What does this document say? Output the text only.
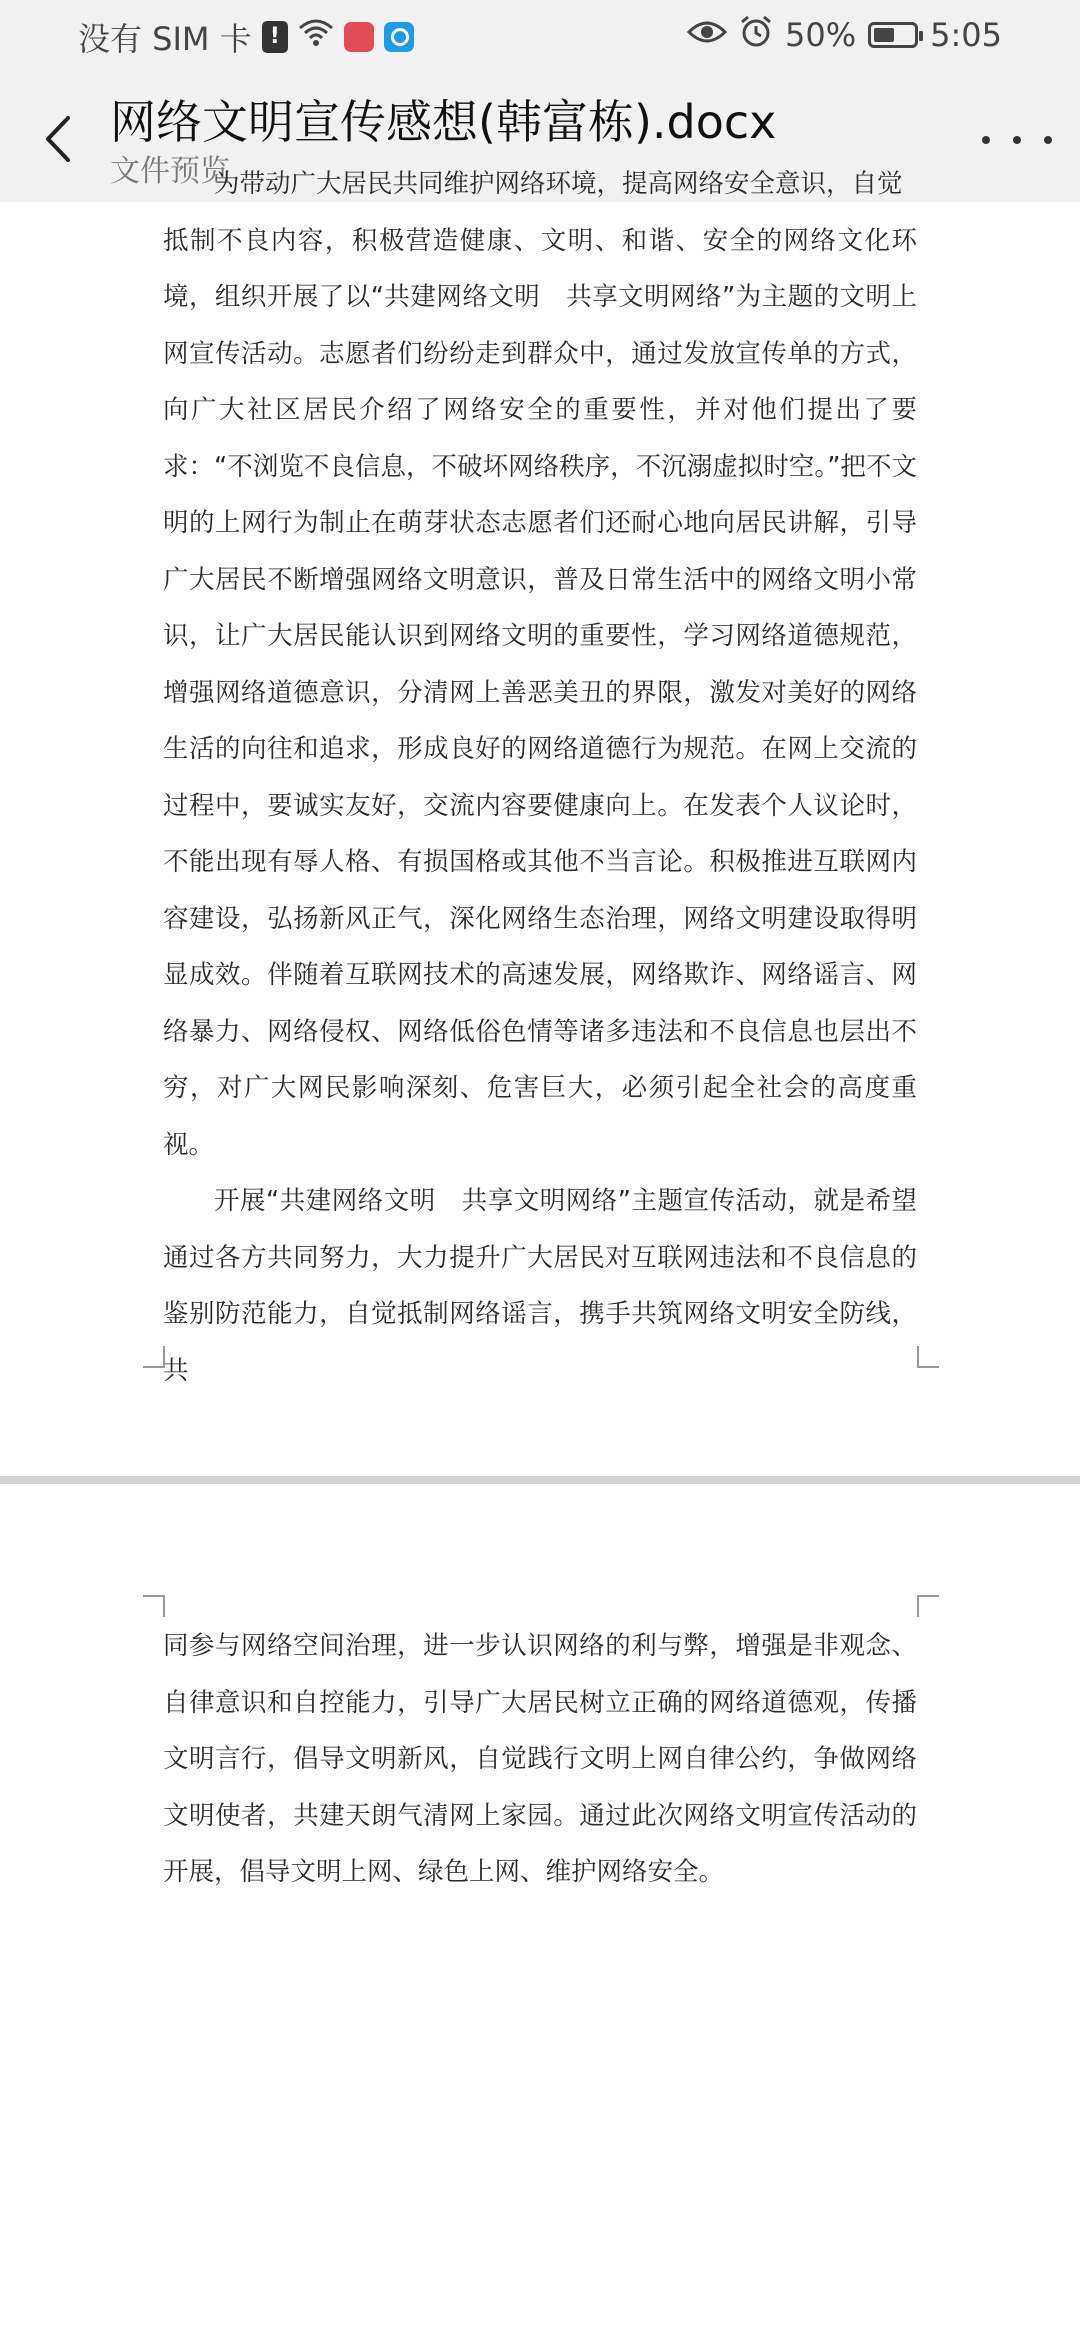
没有 SIM 卡 !	50% 5:05
网络文明宣传感想(韩富栋).docx
文件预览

为带动广大居民共同维护网络环境，提高网络安全意识，自觉

抵制不良内容，积极营造健康、文明、和谐、安全的网络文化环境，组织开展了以“共建网络文明　共享文明网络”为主题的文明上网宣传活动。志愿者们纷纷走到群众中，通过发放宣传单的方式，向广大社区居民介绍了网络安全的重要性，并对他们提出了要求：“不浏览不良信息，不破坏网络秩序，不沉溺虚拟时空。”把不文明的上网行为制止在萌芽状态志愿者们还耐心地向居民讲解，引导广大居民不断增强网络文明意识，普及日常生活中的网络文明小常识，让广大居民能认识到网络文明的重要性，学习网络道德规范，增强网络道德意识，分清网上善恶美丑的界限，激发对美好的网络生活的向往和追求，形成良好的网络道德行为规范。在网上交流的过程中，要诚实友好，交流内容要健康向上。在发表个人议论时，不能出现有辱人格、有损国格或其他不当言论。积极推进互联网内容建设，弘扬新风正气，深化网络生态治理，网络文明建设取得明显成效。伴随着互联网技术的高速发展，网络欺诈、网络谣言、网络暴力、网络侵权、网络低俗色情等诸多违法和不良信息也层出不穷，对广大网民影响深刻、危害巨大，必须引起全社会的高度重视。

开展“共建网络文明　共享文明网络”主题宣传活动，就是希望通过各方共同努力，大力提升广大居民对互联网违法和不良信息的鉴别防范能力，自觉抵制网络谣言，携手共筑网络文明安全防线，共

同参与网络空间治理，进一步认识网络的利与弊，增强是非观念、自律意识和自控能力，引导广大居民树立正确的网络道德观，传播文明言行，倡导文明新风，自觉践行文明上网自律公约，争做网络文明使者，共建天朗气清网上家园。通过此次网络文明宣传活动的开展，倡导文明上网、绿色上网、维护网络安全。
